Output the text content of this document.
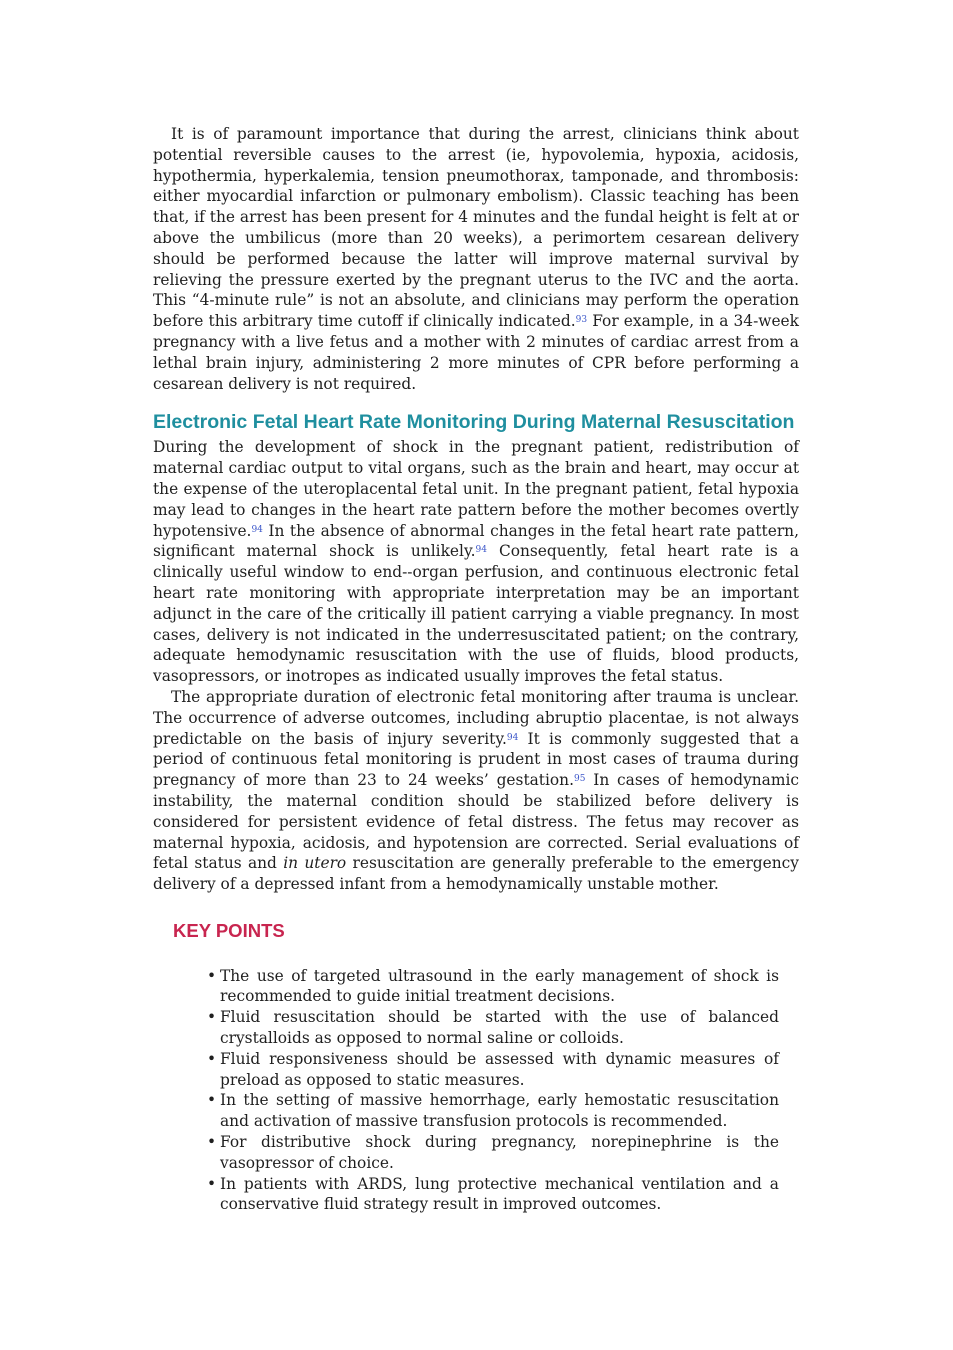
It is of paramount importance that during the arrest, clinicians think about potential reversible causes to the arrest (ie, hypovolemia, hypoxia, acidosis, hypothermia, hyperkalemia, tension pneumothorax, tamponade, and thrombosis: either myocardial infarction or pulmonary embolism). Classic teaching has been that, if the arrest has been present for 4 minutes and the fundal height is felt at or above the umbilicus (more than 20 weeks), a perimortem cesarean delivery should be performed because the latter will improve maternal survival by relieving the pressure exerted by the pregnant uterus to the IVC and the aorta. This “4-minute rule” is not an absolute, and clinicians may perform the operation before this arbitrary time cutoff if clinically indicated.$^{93}$ For example, in a 34-week pregnancy with a live fetus and a mother with 2 minutes of cardiac arrest from a lethal brain injury, administering 2 more minutes of CPR before performing a cesarean delivery is not required.

Electronic Fetal Heart Rate Monitoring During Maternal Resuscitation

During the development of shock in the pregnant patient, redistribution of maternal cardiac output to vital organs, such as the brain and heart, may occur at the expense of the uteroplacental fetal unit. In the pregnant patient, fetal hypoxia may lead to changes in the heart rate pattern before the mother becomes overtly hypotensive.$^{94}$ In the absence of abnormal changes in the fetal heart rate pattern, significant maternal shock is unlikely.$^{94}$ Consequently, fetal heart rate is a clinically useful window to end--organ perfusion, and continuous electronic fetal heart rate monitoring with appropriate interpretation may be an important adjunct in the care of the critically ill patient carrying a viable pregnancy. In most cases, delivery is not indicated in the underresuscitated patient; on the contrary, adequate hemodynamic resuscitation with the use of fluids, blood products, vasopressors, or inotropes as indicated usually improves the fetal status.

The appropriate duration of electronic fetal monitoring after trauma is unclear. The occurrence of adverse outcomes, including abruptio placentae, is not always predictable on the basis of injury severity.$^{94}$ It is commonly suggested that a period of continuous fetal monitoring is prudent in most cases of trauma during pregnancy of more than 23 to 24 weeks’ gestation.$^{95}$ In cases of hemodynamic instability, the maternal condition should be stabilized before delivery is considered for persistent evidence of fetal distress. The fetus may recover as maternal hypoxia, acidosis, and hypotension are corrected. Serial evaluations of fetal status and in utero resuscitation are generally preferable to the emergency delivery of a depressed infant from a hemodynamically unstable mother.

KEY POINTS
• The use of targeted ultrasound in the early management of shock is recommended to guide initial treatment decisions.
• Fluid resuscitation should be started with the use of balanced crystalloids as opposed to normal saline or colloids.
• Fluid responsiveness should be assessed with dynamic measures of preload as opposed to static measures.
• In the setting of massive hemorrhage, early hemostatic resuscitation and activation of massive transfusion protocols is recommended.
• For distributive shock during pregnancy, norepinephrine is the vasopressor of choice.
• In patients with ARDS, lung protective mechanical ventilation and a conservative fluid strategy result in improved outcomes.
